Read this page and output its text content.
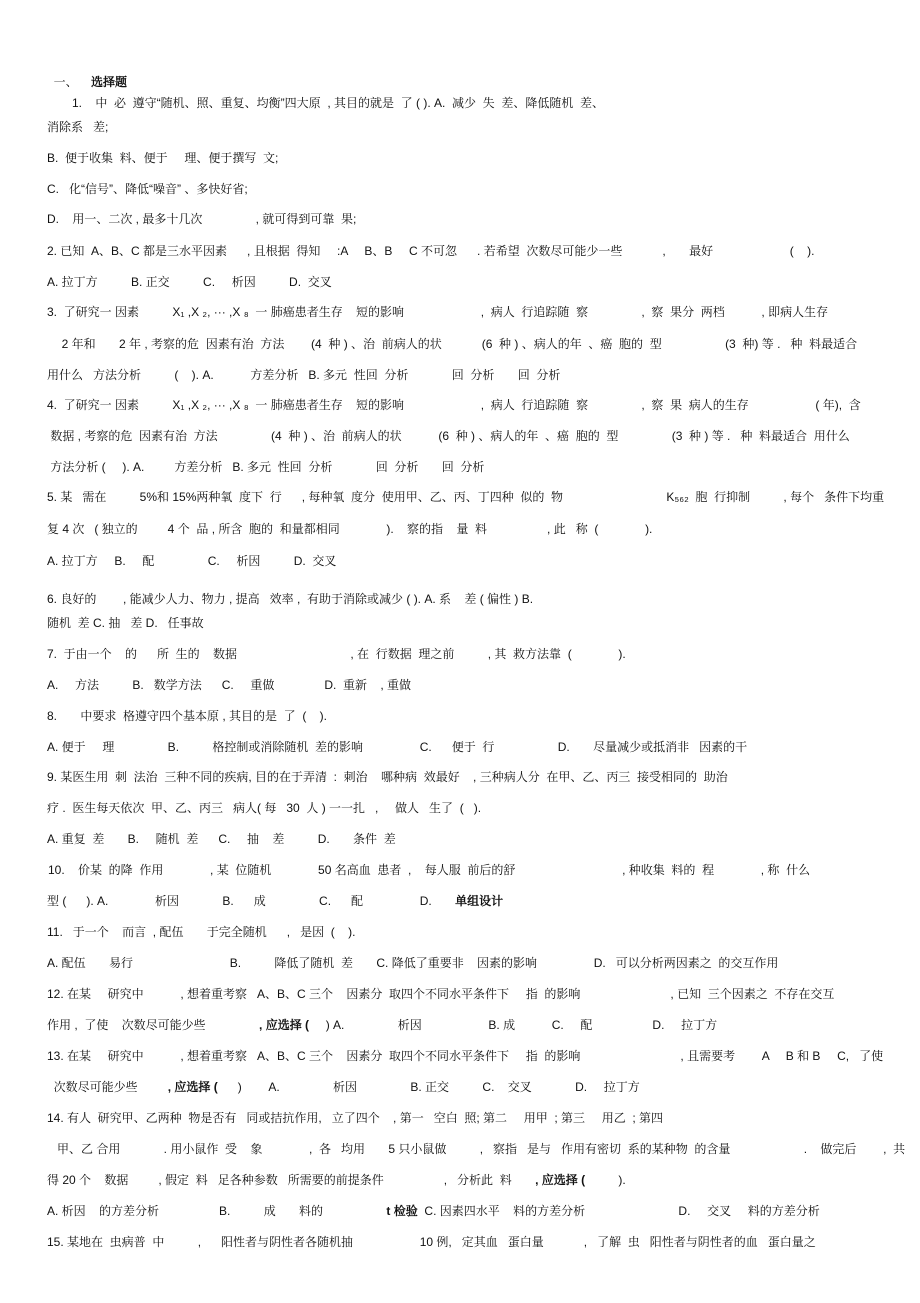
一、 选择题

1.    中  必  遵守“随机、照、重复、均衡”四大原  , 其目的就是  了 ( ). A.  减少  失  差、降低随机  差、
消除系   差;
B.  便于收集  料、便于     理、便于撰写  文;
C.   化“信号”、降低“噪音” 、多快好省;
D.    用一、二次 , 最多十几次                , 就可得到可靠  果;
2. 已知  A、B、C 都是三水平因素      , 且根据  得知     :A     B、B     C 不可忽      . 若希望  次数尽可能少一些            ,       最好                       (    ).
A. 拉丁方          B. 正交          C.     析因          D.  交叉
3.  了研究一 因素          X₁ ,X ₂, ··· ,X ₈  一 肺癌患者生存    短的影响                       ,  病人  行追踪随  察                ,  察  果分  两档           , 即病人生存
2 年和       2 年 , 考察的危  因素有治  方法        (4  种 ) 、治  前病人的状            (6  种 ) 、病人的年  、癌  胞的  型                   (3  种) 等 .   种  料最适合
用什么   方法分析          (    ). A.           方差分析   B. 多元  性回  分析             回  分析       回  分析
4.  了研究一 因素          X₁ ,X ₂, ··· ,X ₈  一 肺癌患者生存    短的影响                       ,  病人  行追踪随  察                ,  察  果  病人的生存                    ( 年),  含
数据 , 考察的危  因素有治  方法                (4  种 ) 、治  前病人的状           (6  种 ) 、病人的年  、癌  胞的  型                (3  种 ) 等 .   种  料最适合  用什么
方法分析 (     ). A.         方差分析   B. 多元  性回  分析             回  分析       回  分析
5. 某   需在          5%和 15%两种氧  度下  行      , 每种氧  度分  使用甲、乙、丙、丁四种  似的  物                               K₅₆₂  胞  行抑制          , 每个   条件下均重
复 4 次   ( 独立的         4 个  品 , 所含  胞的  和量都相同              ).    察的指    量  料                  , 此   称  (              ).
A. 拉丁方     B.     配                C.     析因          D.  交叉
6. 良好的        , 能减少人力、物力 , 提高   效率 ,  有助于消除或减少 ( ). A. 系    差 ( 偏性 ) B.
随机  差 C. 抽   差 D.   任事故
7.  于由一个    的      所  生的    数据                                  , 在  行数据  理之前          , 其  救方法靠  (              ).
A.     方法          B.   数学方法      C.     重做               D.  重新    , 重做
8.       中要求  格遵守四个基本原 , 其目的是  了  (    ).
A. 便于     理                B.          格控制或消除随机  差的影响                 C.      便于  行                   D.       尽量减少或抵消非   因素的干
9. 某医生用  刺  法治  三种不同的疾病, 目的在于弄清  :  刺治    哪种病  效最好    , 三种病人分  在甲、乙、丙三  接受相同的  助治
疗 .  医生每天依次  甲、乙、丙三   病人( 每   30  人 ) 一一扎   ,     做人   生了  (   ).
A. 重复  差       B.     随机  差      C.     抽    差          D.       条件  差
10.    价某  的降  作用              , 某  位随机              50 名高血  患者  ,    每人服  前后的舒                                , 种收集  料的  程              , 称  什么
型 (      ). A.              析因             B.      成                C.      配                 D.       单组设计
11.   于一个    而言  , 配伍       于完全随机      ,   是因  (    ).
A. 配伍       易行                             B.          降低了随机  差       C. 降低了重要非    因素的影响                 D.   可以分析两因素之  的交互作用
12. 在某     研究中           , 想着重考察   A、B、C 三个    因素分  取四个不同水平条件下     指  的影响                           , 已知  三个因素之  不存在交互
作用 ,  了使    次数尽可能少些                , 应选择 (     ) A.                析因                    B. 成           C.     配                  D.     拉丁方
13. 在某     研究中           , 想着重考察   A、B、C 三个    因素分  取四个不同水平条件下     指  的影响                              , 且需要考        A     B 和 B     C,   了使
次数尽可能少些         , 应选择 (      )        A.                析因                B. 正交          C.    交叉             D.     拉丁方
14. 有人  研究甲、乙两种  物是否有   同或拮抗作用,   立了四个    , 第一   空白  照; 第二     用甲  ; 第三     用乙  ; 第四
甲、乙 合用             . 用小鼠作  受    象              ,  各   均用       5 只小鼠做          ,   察指   是与   作用有密切  系的某种物  的含量                      .    做完后        ,  共
得 20 个    数据         , 假定  料   足各种参数   所需要的前提条件                  ,   分析此  料       , 应选择 (          ).
A. 析因    的方差分析                  B.          成       料的                   t 检验  C. 因素四水平    料的方差分析                            D.     交叉     料的方差分析
15. 某地在  虫病普  中          ,      阳性者与阴性者各随机抽                    10 例,   定其血   蛋白量            ,   了解  虫   阳性者与阴性者的血   蛋白量之
